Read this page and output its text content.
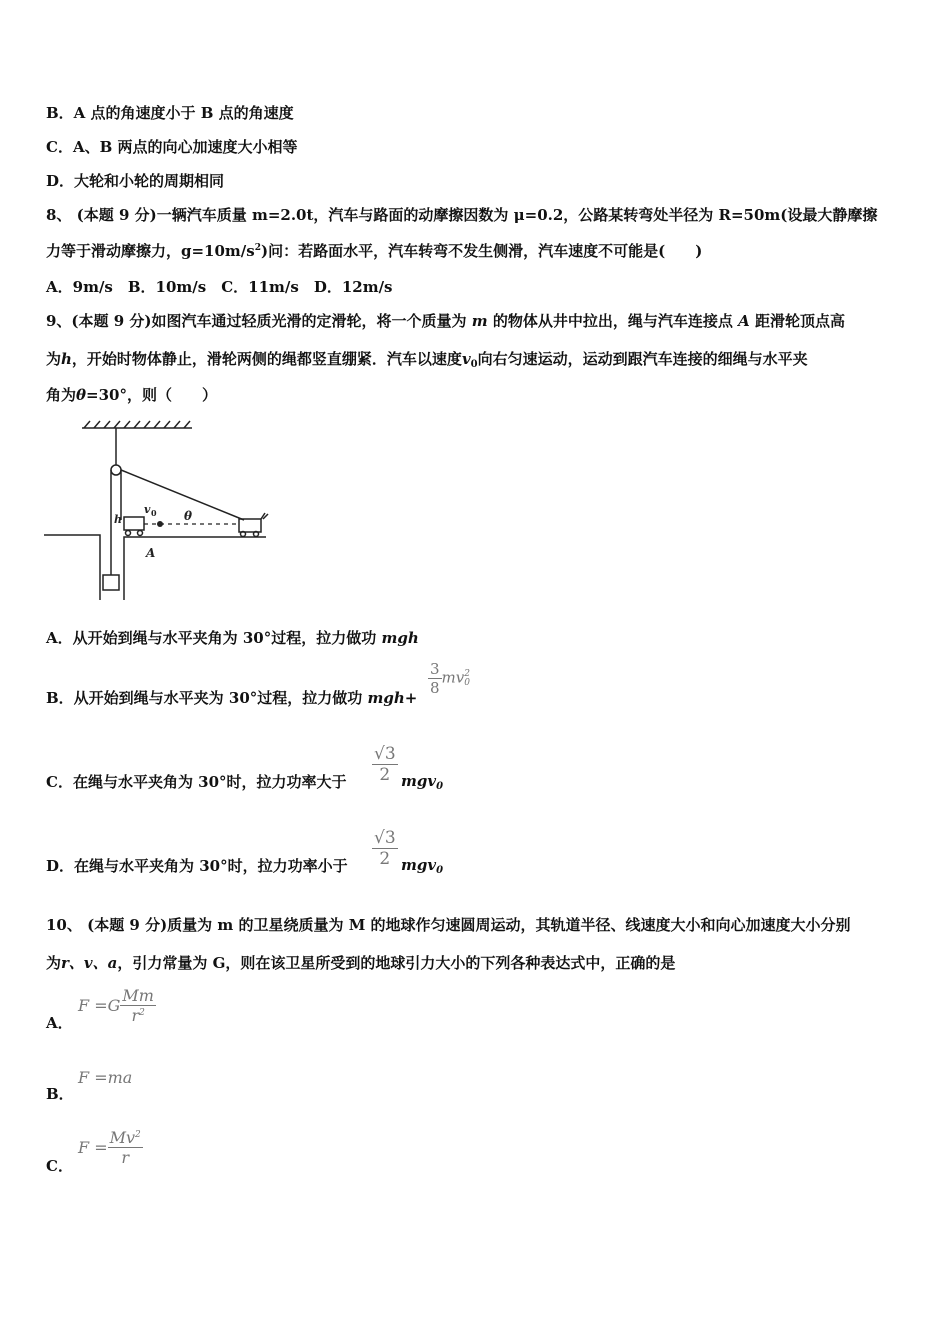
B．A 点的角速度小于 B 点的角速度
C．A、B 两点的向心加速度大小相等
D．大轮和小轮的周期相同
8、 (本题 9 分)一辆汽车质量 m=2.0t，汽车与路面的动摩擦因数为 μ=0.2，公路某转弯处半径为 R=50m(设最大静摩擦
力等于滑动摩擦力，$g=10m/s^2$)问：若路面水平，汽车转弯不发生侧滑，汽车速度不可能是(　　)
A．9m/s　B．10m/s　C．11m/s　D．12m/s
9、(本题 9 分)如图汽车通过轻质光滑的定滑轮，将一个质量为 m 的物体从井中拉出，绳与汽车连接点 A 距滑轮顶点高
为h，开始时物体静止，滑轮两侧的绳都竖直绷紧．汽车以速度$v_0$向右匀速运动，运动到跟汽车连接的细绳与水平夹
角为θ=30°，则（　　）
h
v 0 θ
A
A．从开始到绳与水平夹角为 30°过程，拉力做功 mgh
B．从开始到绳与水平夹为 30°过程，拉力做功 mgh+
$\frac{3}{8}$ mv 2
0
C．在绳与水平夹角为 30°时，拉力功率大于 $\frac{√3}{2} mgv_0$
D．在绳与水平夹角为 30°时，拉力功率小于 $\frac{√3}{2} mgv_0$
10、 (本题 9 分)质量为 m 的卫星绕质量为 M 的地球作匀速圆周运动，其轨道半径、线速度大小和向心加速度大小分别
为r、v、a，引力常量为 G，则在该卫星所受到的地球引力大小的下列各种表达式中，正确的是
A．
$F =G \frac{Mm}{r^2}$
B．
F =ma
C．
$F = \frac{Mv^2}{r}$
